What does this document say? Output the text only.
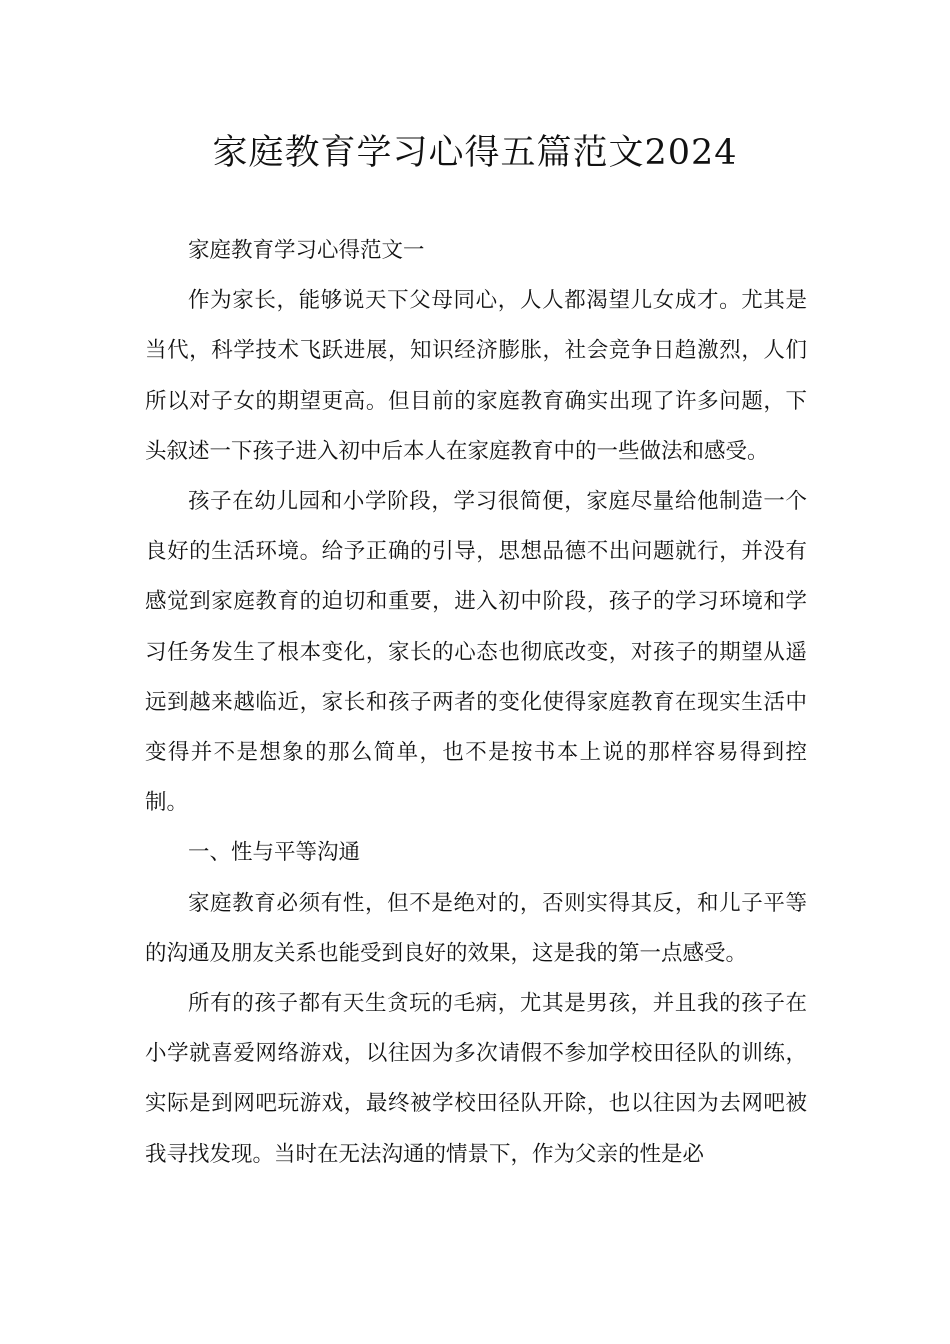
家庭教育学习心得五篇范文2024

家庭教育学习心得范文一

作为家长，能够说天下父母同心，人人都渴望儿女成才。尤其是当代，科学技术飞跃进展，知识经济膨胀，社会竞争日趋激烈，人们所以对子女的期望更高。但目前的家庭教育确实出现了许多问题，下头叙述一下孩子进入初中后本人在家庭教育中的一些做法和感受。

孩子在幼儿园和小学阶段，学习很简便，家庭尽量给他制造一个良好的生活环境。给予正确的引导，思想品德不出问题就行，并没有感觉到家庭教育的迫切和重要，进入初中阶段，孩子的学习环境和学习任务发生了根本变化，家长的心态也彻底改变，对孩子的期望从遥远到越来越临近，家长和孩子两者的变化使得家庭教育在现实生活中变得并不是想象的那么简单，也不是按书本上说的那样容易得到控制。

一、性与平等沟通

家庭教育必须有性，但不是绝对的，否则实得其反，和儿子平等的沟通及朋友关系也能受到良好的效果，这是我的第一点感受。

所有的孩子都有天生贪玩的毛病，尤其是男孩，并且我的孩子在小学就喜爱网络游戏，以往因为多次请假不参加学校田径队的训练，实际是到网吧玩游戏，最终被学校田径队开除，也以往因为去网吧被我寻找发现。当时在无法沟通的情景下，作为父亲的性是必
